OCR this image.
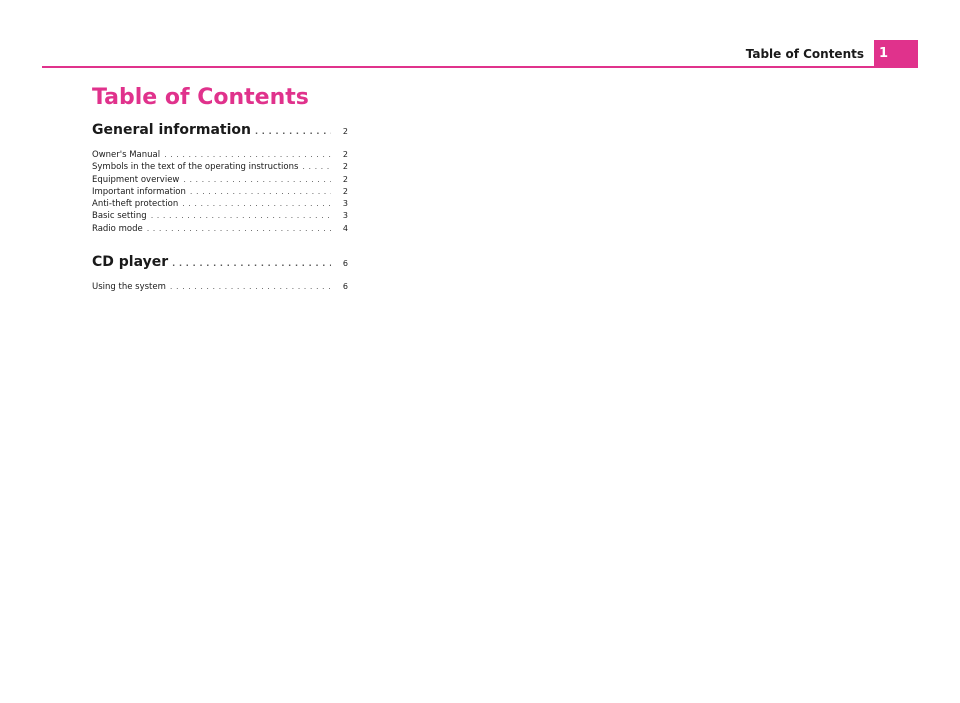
Table of Contents	1
Table of Contents
General information . . .	2
Owner's Manual . . .	2
Symbols in the text of the operating instructions . . .	2
Equipment overview . . .	2
Important information . . .	2
Anti-theft protection . . .	3
Basic setting . . .	3
Radio mode . . .	4
CD player . . .	6
Using the system . . .	6
